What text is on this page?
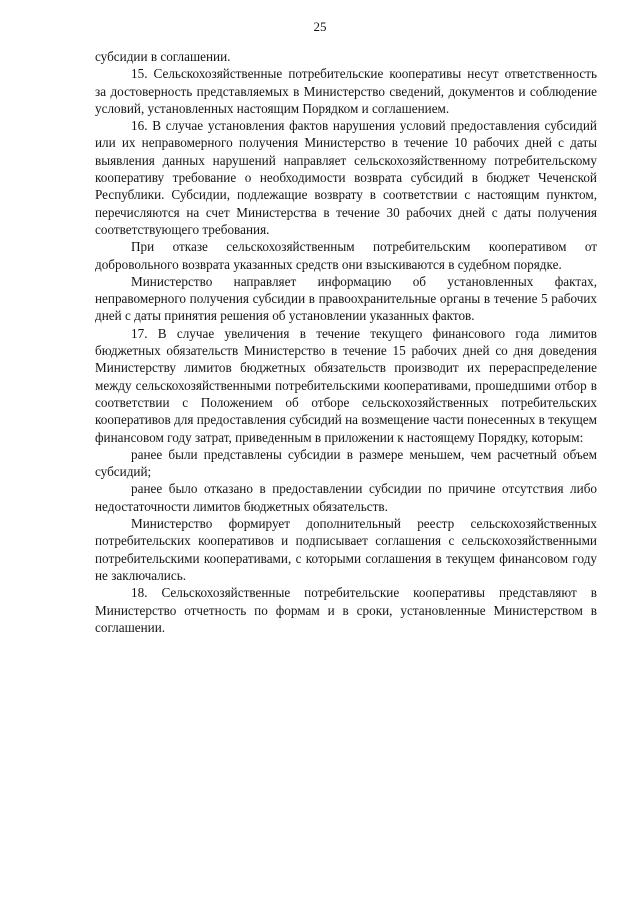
25

субсидии в соглашении.

15. Сельскохозяйственные потребительские кооперативы несут ответственность за достоверность представляемых в Министерство сведений, документов и соблюдение условий, установленных настоящим Порядком и соглашением.

16. В случае установления фактов нарушения условий предоставления субсидий или их неправомерного получения Министерство в течение 10 рабочих дней с даты выявления данных нарушений направляет сельскохозяйственному потребительскому кооперативу требование о необходимости возврата субсидий в бюджет Чеченской Республики. Субсидии, подлежащие возврату в соответствии с настоящим пунктом, перечисляются на счет Министерства в течение 30 рабочих дней с даты получения соответствующего требования.

При отказе сельскохозяйственным потребительским кооперативом от добровольного возврата указанных средств они взыскиваются в судебном порядке.

Министерство направляет информацию об установленных фактах, неправомерного получения субсидии в правоохранительные органы в течение 5 рабочих дней с даты принятия решения об установлении указанных фактов.

17. В случае увеличения в течение текущего финансового года лимитов бюджетных обязательств Министерство в течение 15 рабочих дней со дня доведения Министерству лимитов бюджетных обязательств производит их перераспределение между сельскохозяйственными потребительскими кооперативами, прошедшими отбор в соответствии с Положением об отборе сельскохозяйственных потребительских кооперативов для предоставления субсидий на возмещение части понесенных в текущем финансовом году затрат, приведенным в приложении к настоящему Порядку, которым:

ранее были представлены субсидии в размере меньшем, чем расчетный объем субсидий;

ранее было отказано в предоставлении субсидии по причине отсутствия либо недостаточности лимитов бюджетных обязательств.

Министерство формирует дополнительный реестр сельскохозяйственных потребительских кооперативов и подписывает соглашения с сельскохозяйственными потребительскими кооперативами, с которыми соглашения в текущем финансовом году не заключались.

18. Сельскохозяйственные потребительские кооперативы представляют в Министерство отчетность по формам и в сроки, установленные Министерством в соглашении.
